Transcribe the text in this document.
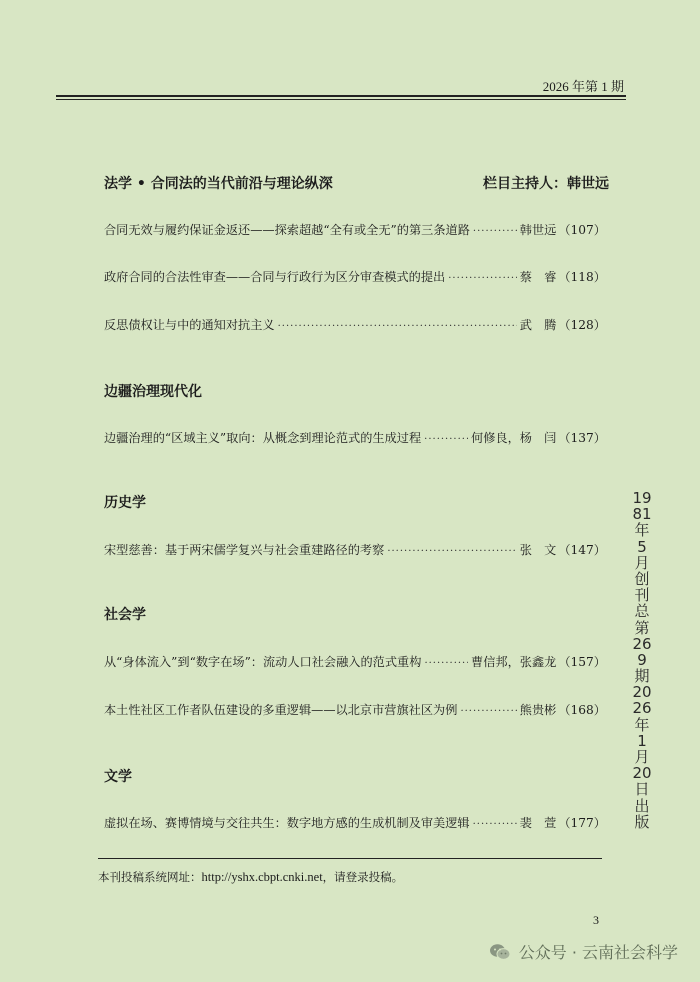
2026 年第 1 期
法学 • 合同法的当代前沿与理论纵深	栏目主持人：韩世远
合同无效与履约保证金返还——探索超越“全有或全无”的第三条道路 ·····	韩世远 （107）
政府合同的合法性审查——合同与行政行为区分审查模式的提出 ·····	蔡　睿 （118）
反思债权让与中的通知对抗主义 ·····	武　腾 （128）
边疆治理现代化
边疆治理的“区域主义”取向：从概念到理论范式的生成过程 ·····	何修良，杨　闫 （137）
历史学
宋型慈善：基于两宋儒学复兴与社会重建路径的考察 ·····	张　文 （147）
社会学
从“身体流入”到“数字在场”：流动人口社会融入的范式重构 ·····	曹信邦，张鑫龙 （157）
本土性社区工作者队伍建设的多重逻辑——以北京市营旗社区为例 ·····	熊贵彬 （168）
文学
虚拟在场、赛博情境与交往共生：数字地方感的生成机制及审美逻辑 ·····	裴　萱 （177）
1981年5月创刊 总第269期 2026年1月20日出版
本刊投稿系统网址：http://yshx.cbpt.cnki.net，请登录投稿。
3
公众号 · 云南社会科学
